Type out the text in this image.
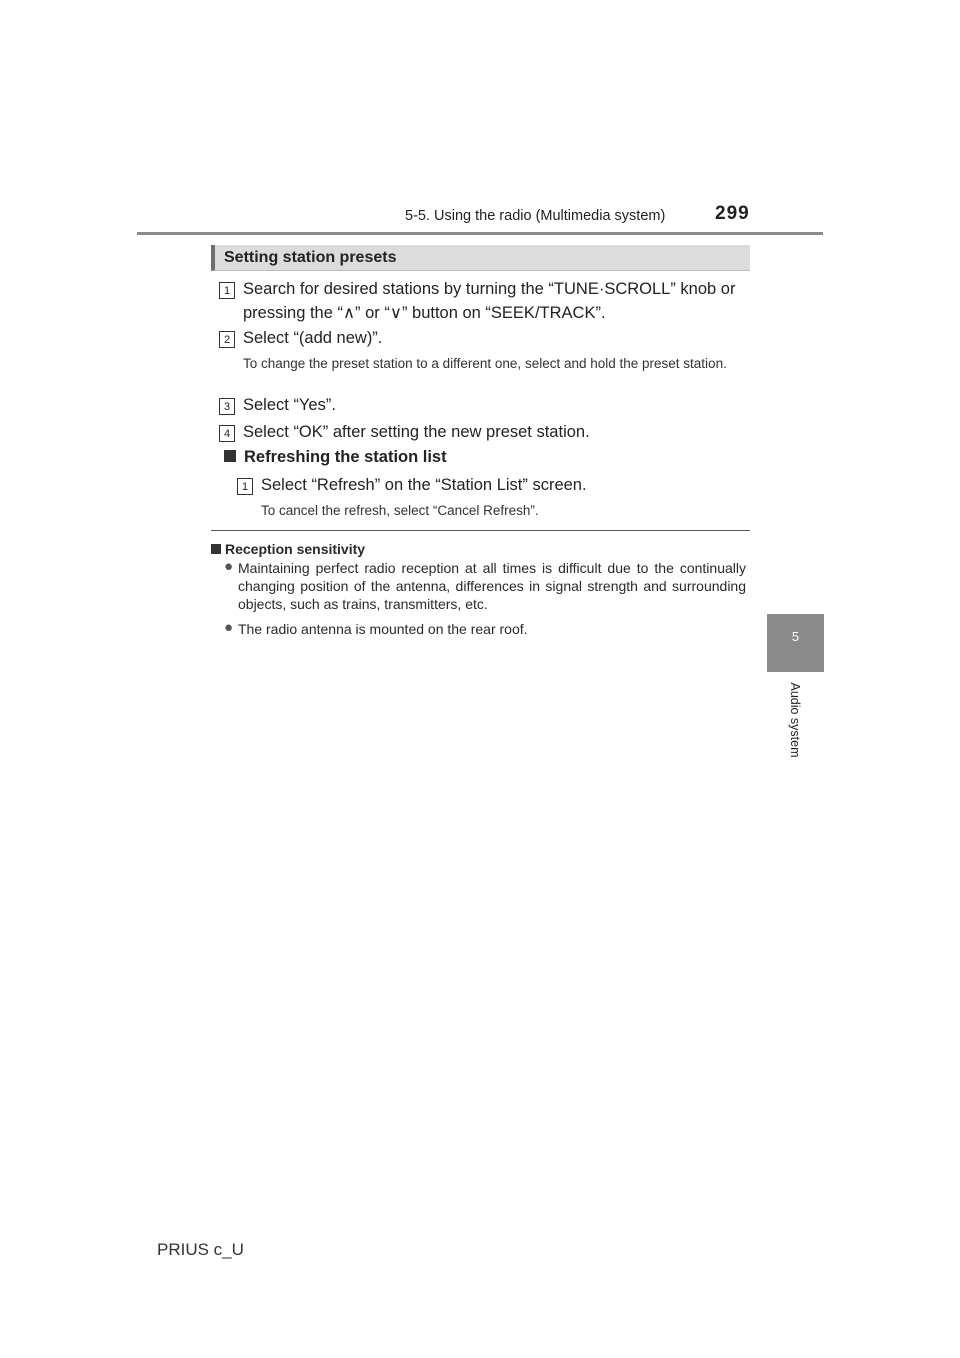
5-5. Using the radio (Multimedia system)	299
5
Audio system
Setting station presets
1 Search for desired stations by turning the “TUNE·SCROLL” knob or
pressing the “∧” or “∨” button on “SEEK/TRACK”.
2 Select “(add new)”.
To change the preset station to a different one, select and hold the preset station.
3 Select “Yes”.
4 Select “OK” after setting the new preset station.
Refreshing the station list
1 Select “Refresh” on the “Station List” screen.
To cancel the refresh, select “Cancel Refresh”.
Reception sensitivity
● Maintaining perfect radio reception at all times is difficult due to the continually changing position of the antenna, differences in signal strength and surrounding objects, such as trains, transmitters, etc.
● The radio antenna is mounted on the rear roof.
PRIUS c_U
